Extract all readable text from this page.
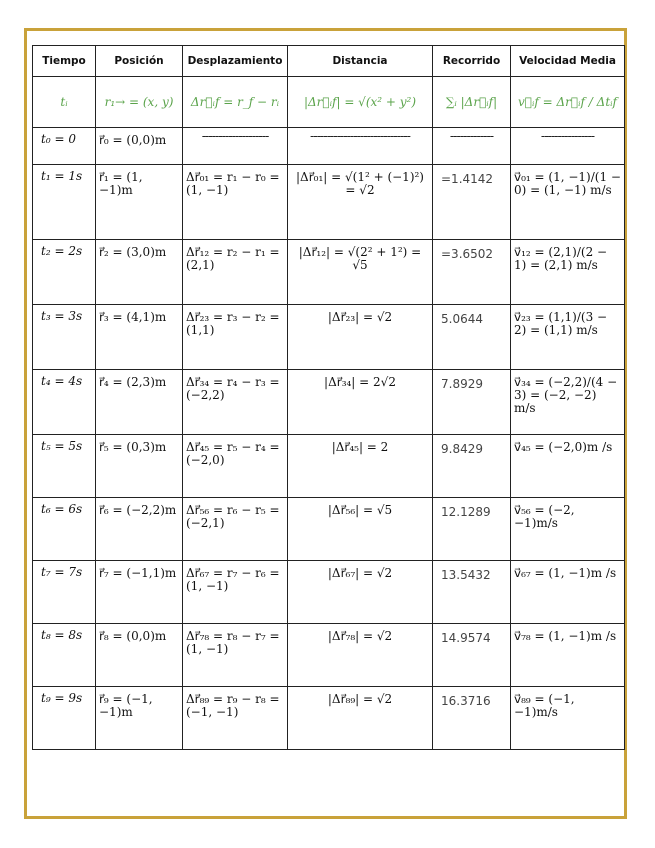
Tiempo	Posición	Desplazamiento	Distancia	Recorrido	Velocidad Media
tᵢ	r₁→ = (x, y)	Δr⃗ᵢf = r_f − rᵢ	|Δr⃗ᵢf| = √(x² + y²)	∑ᵢ |Δr⃗ᵢf|	v⃗ᵢf = Δr⃗ᵢf / Δtᵢf
t₀ = 0	r⃗₀ = (0,0)m	--------------------	------------------------------	-------------	----------------
t₁ = 1s	r⃗₁ = (1, −1)m	Δr⃗₀₁ = r₁ − r₀ = (1, −1)	|Δr⃗₀₁| = √(1² + (−1)²) = √2	=1.4142	v⃗₀₁ = (1, −1)/(1 − 0) = (1, −1) m/s
t₂ = 2s	r⃗₂ = (3,0)m	Δr⃗₁₂ = r₂ − r₁ = (2,1)	|Δr⃗₁₂| = √(2² + 1²) = √5	=3.6502	v⃗₁₂ = (2,1)/(2 − 1) = (2,1) m/s
t₃ = 3s	r⃗₃ = (4,1)m	Δr⃗₂₃ = r₃ − r₂ = (1,1)	|Δr⃗₂₃| = √2	5.0644	v⃗₂₃ = (1,1)/(3 − 2) = (1,1) m/s
t₄ = 4s	r⃗₄ = (2,3)m	Δr⃗₃₄ = r₄ − r₃ = (−2,2)	|Δr⃗₃₄| = 2√2	7.8929	v⃗₃₄ = (−2,2)/(4 − 3) = (−2, −2) m/s
t₅ = 5s	r⃗₅ = (0,3)m	Δr⃗₄₅ = r₅ − r₄ = (−2,0)	|Δr⃗₄₅| = 2	9.8429	v⃗₄₅ = (−2,0)m /s
t₆ = 6s	r⃗₆ = (−2,2)m	Δr⃗₅₆ = r₆ − r₅ = (−2,1)	|Δr⃗₅₆| = √5	12.1289	v⃗₅₆ = (−2, −1)m/s
t₇ = 7s	r⃗₇ = (−1,1)m	Δr⃗₆₇ = r₇ − r₆ = (1, −1)	|Δr⃗₆₇| = √2	13.5432	v⃗₆₇ = (1, −1)m /s
t₈ = 8s	r⃗₈ = (0,0)m	Δr⃗₇₈ = r₈ − r₇ = (1, −1)	|Δr⃗₇₈| = √2	14.9574	v⃗₇₈ = (1, −1)m /s
t₉ = 9s	r⃗₉ = (−1, −1)m	Δr⃗₈₉ = r₉ − r₈ = (−1, −1)	|Δr⃗₈₉| = √2	16.3716	v⃗₈₉ = (−1, −1)m/s
